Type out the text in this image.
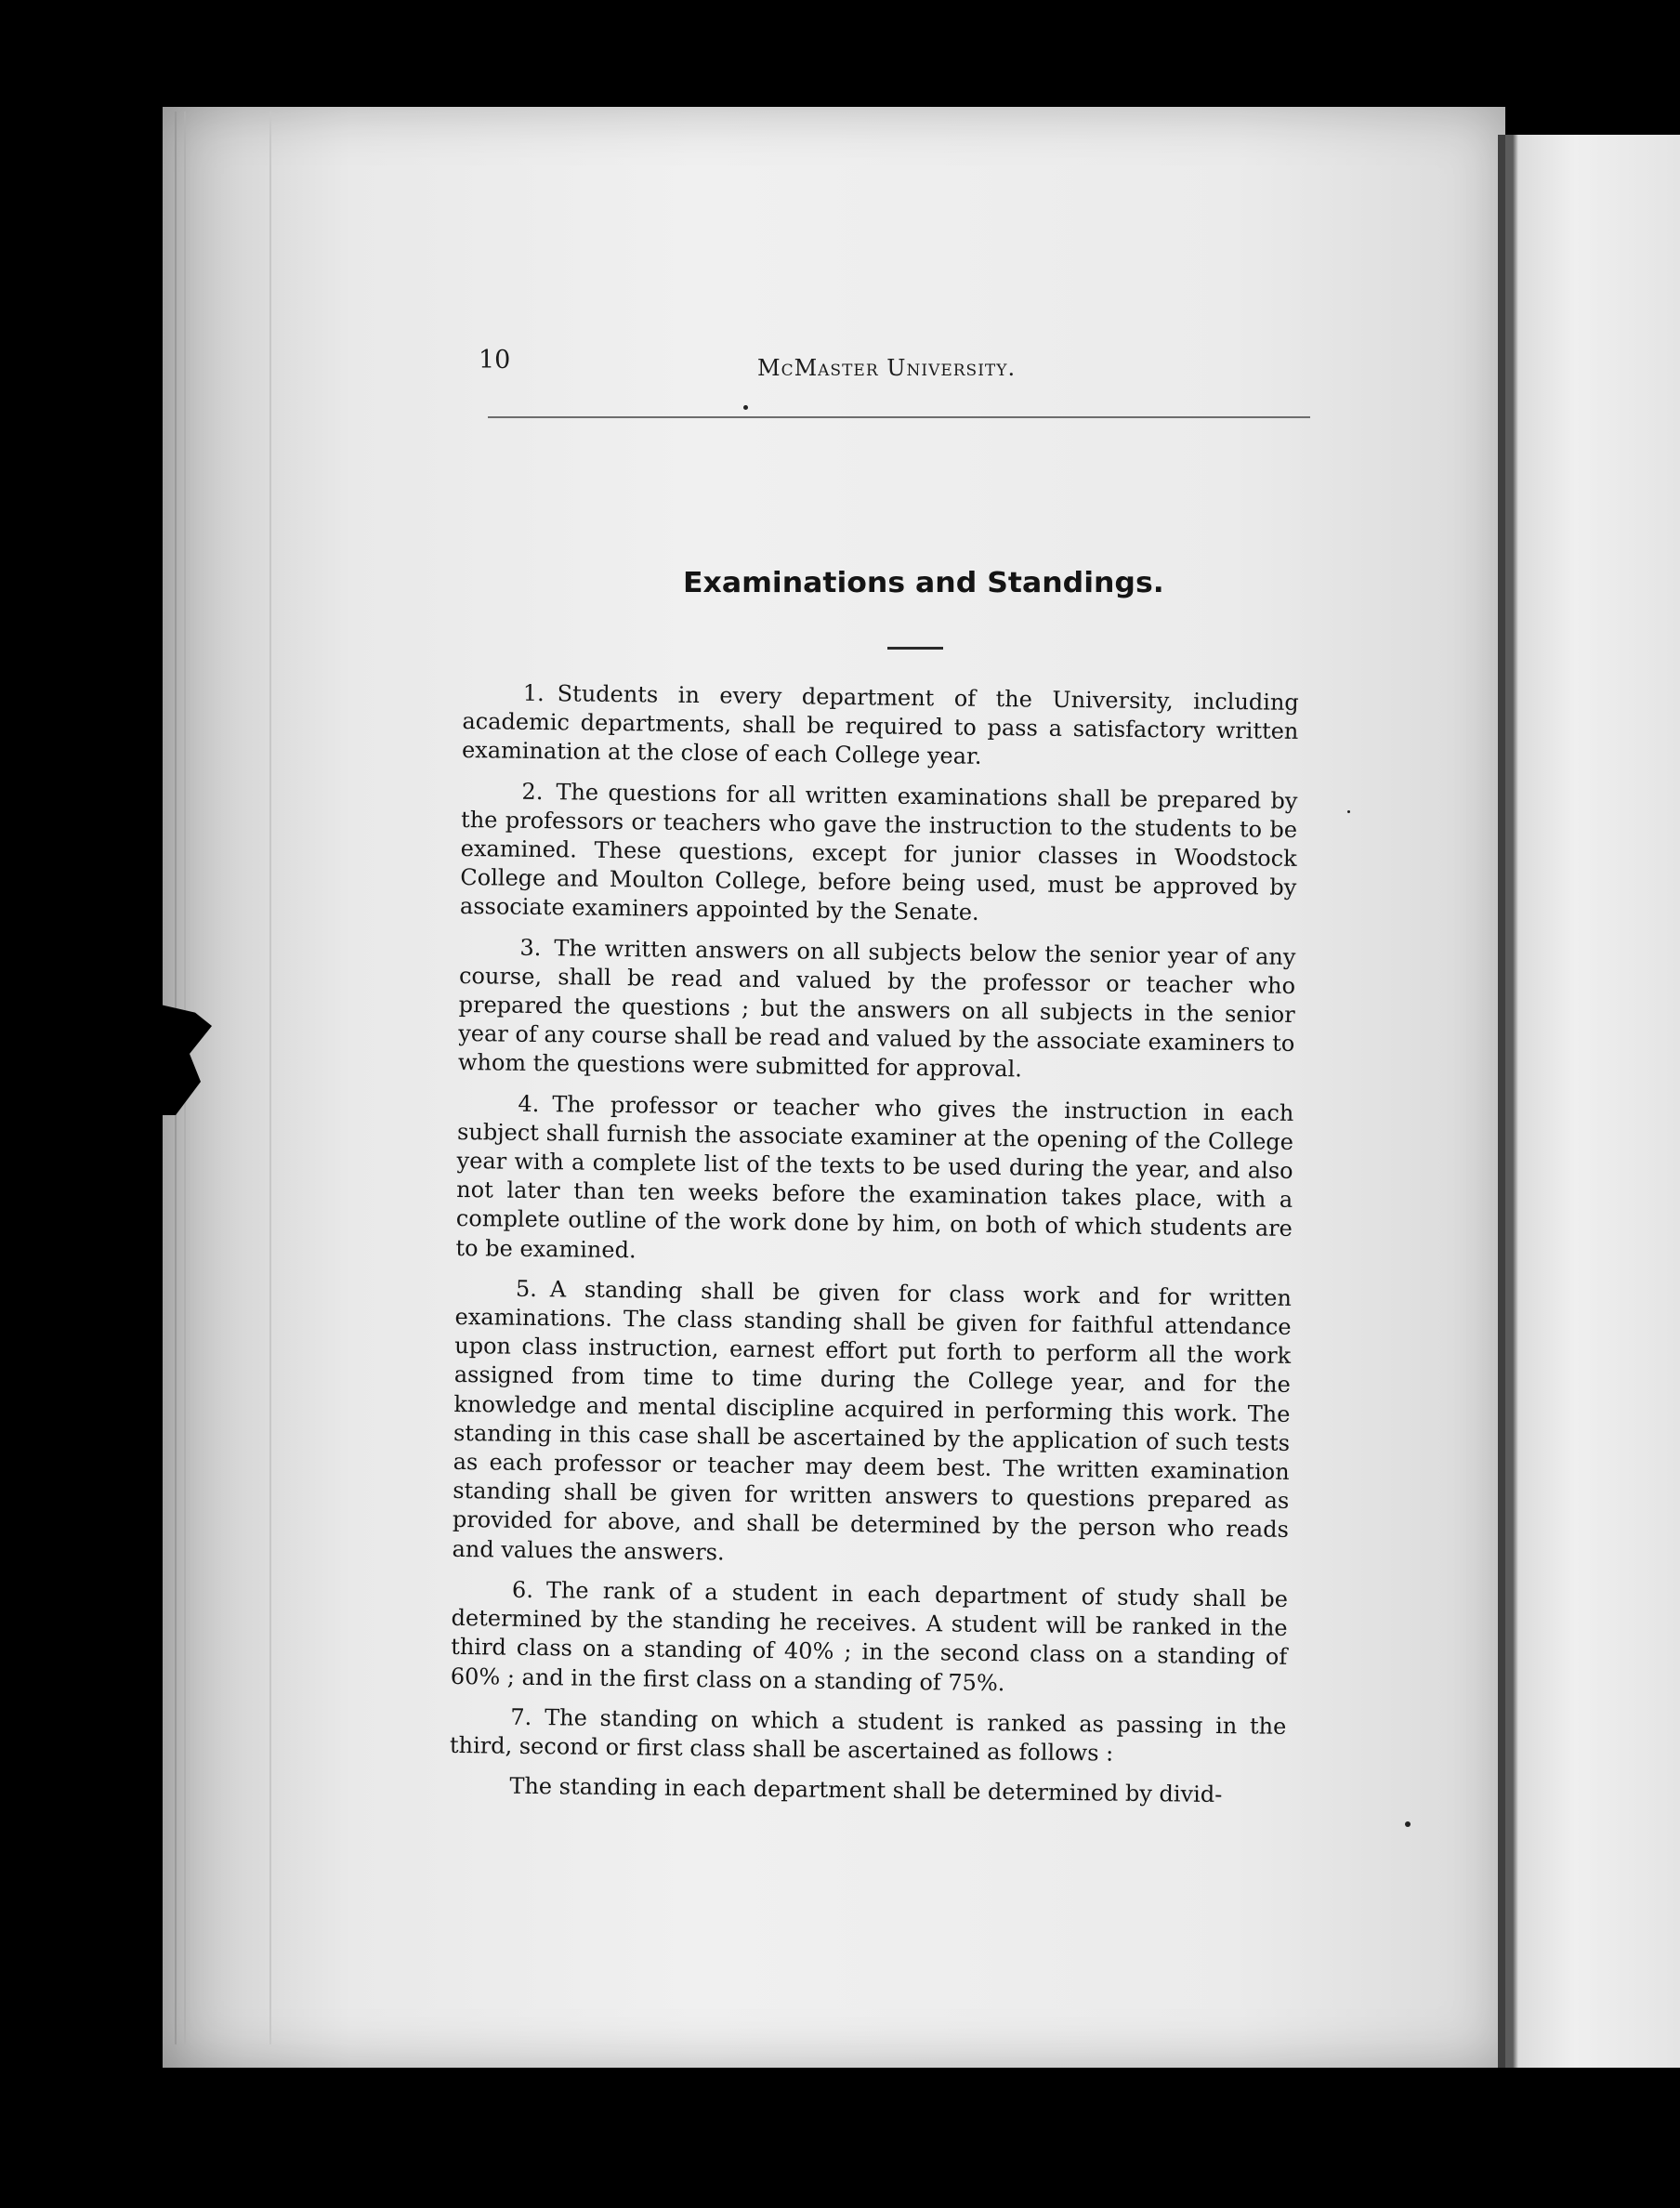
10	McMaster University.
Examinations and Standings.

1. Students in every department of the University, including academic departments, shall be required to pass a satisfactory written examination at the close of each College year.

2. The questions for all written examinations shall be prepared by the professors or teachers who gave the instruction to the students to be examined. These questions, except for junior classes in Woodstock College and Moulton College, before being used, must be approved by associate examiners appointed by the Senate.

3. The written answers on all subjects below the senior year of any course, shall be read and valued by the professor or teacher who prepared the questions ; but the answers on all subjects in the senior year of any course shall be read and valued by the associate examiners to whom the questions were submitted for approval.

4. The professor or teacher who gives the instruction in each subject shall furnish the associate examiner at the opening of the College year with a complete list of the texts to be used during the year, and also not later than ten weeks before the examination takes place, with a complete outline of the work done by him, on both of which students are to be examined.

5. A standing shall be given for class work and for written examinations. The class standing shall be given for faithful attendance upon class instruction, earnest effort put forth to perform all the work assigned from time to time during the College year, and for the knowledge and mental discipline acquired in performing this work. The standing in this case shall be ascertained by the application of such tests as each professor or teacher may deem best. The written examination standing shall be given for written answers to questions prepared as provided for above, and shall be determined by the person who reads and values the answers.

6. The rank of a student in each department of study shall be determined by the standing he receives. A student will be ranked in the third class on a standing of 40% ; in the second class on a standing of 60% ; and in the first class on a standing of 75%.

7. The standing on which a student is ranked as passing in the third, second or first class shall be ascertained as follows :

The standing in each department shall be determined by divid-
